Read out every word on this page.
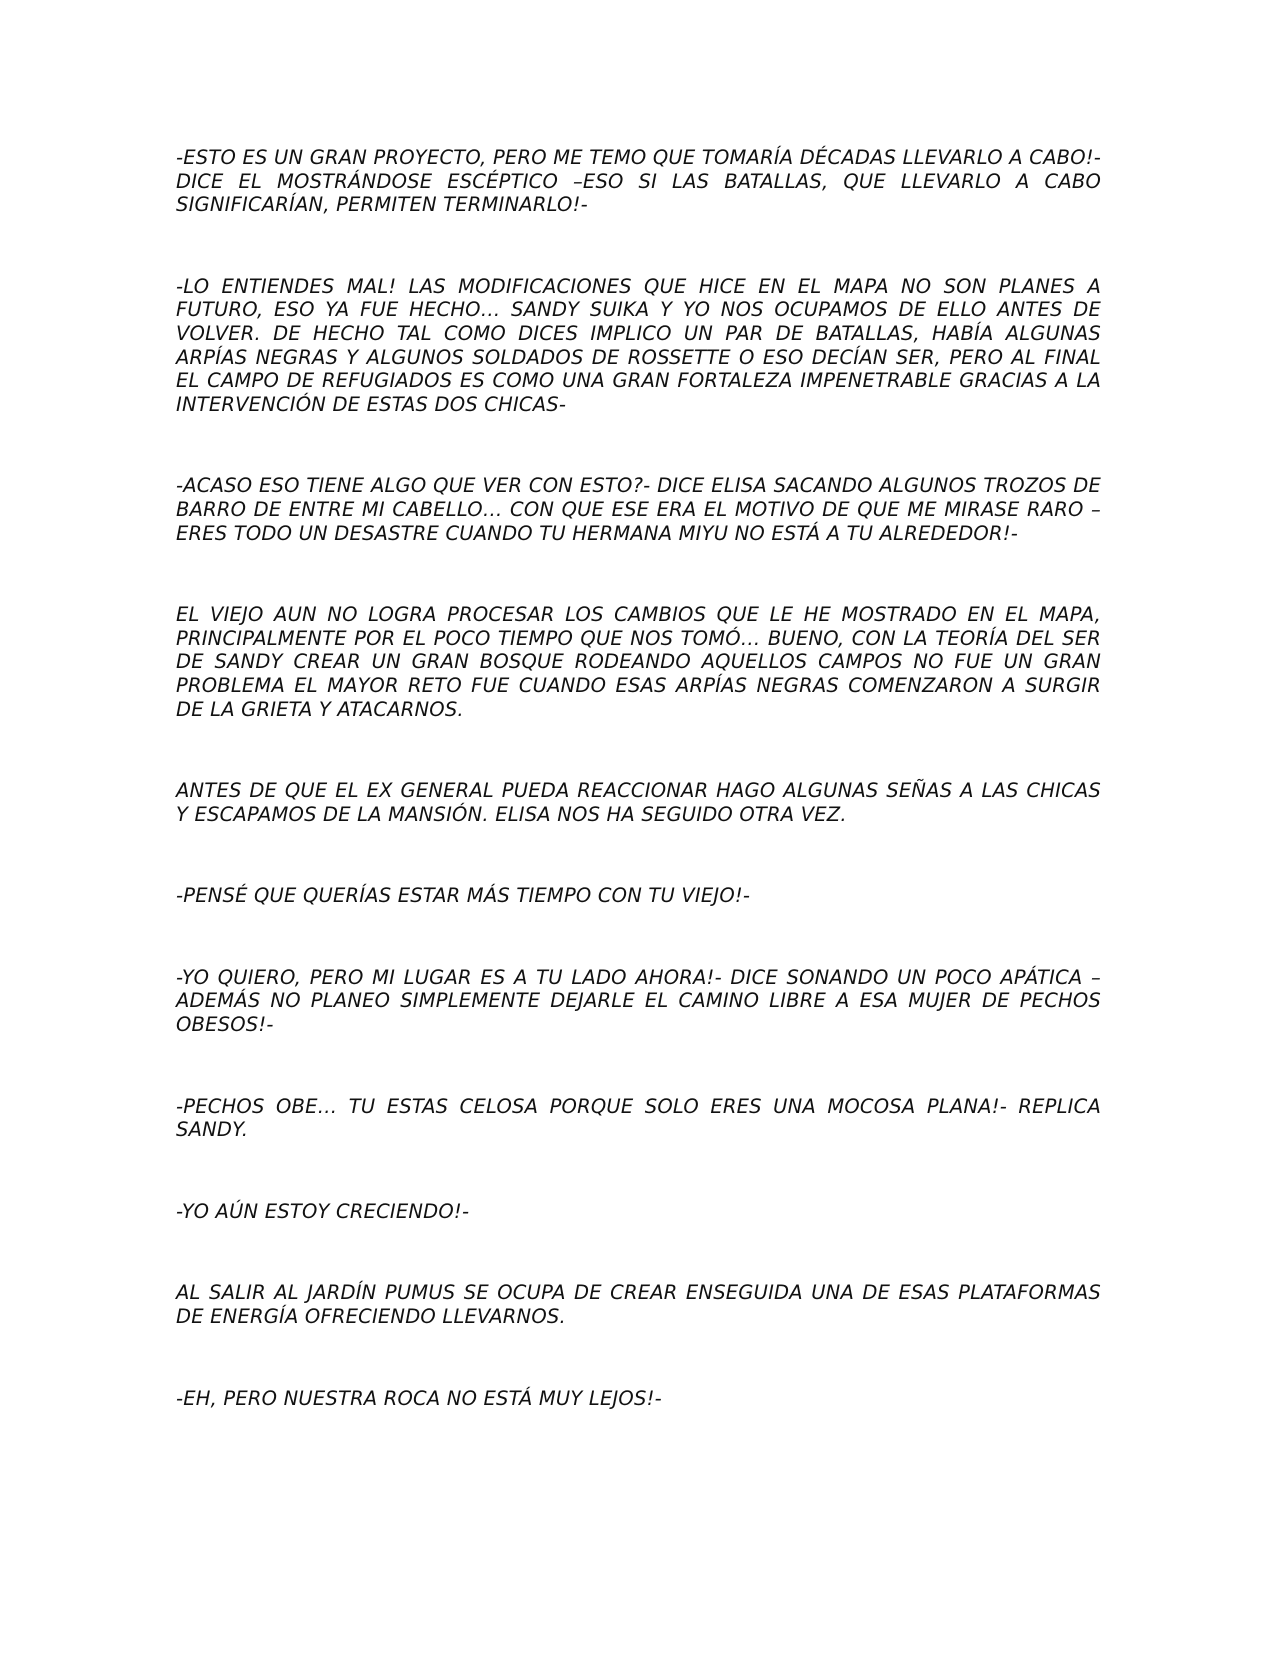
-ESTO ES UN GRAN PROYECTO, PERO ME TEMO QUE TOMARÍA DÉCADAS LLEVARLO A CABO!- DICE EL MOSTRÁNDOSE ESCÉPTICO –ESO SI LAS BATALLAS, QUE LLEVARLO A CABO SIGNIFICARÍAN, PERMITEN TERMINARLO!-

-LO ENTIENDES MAL! LAS MODIFICACIONES QUE HICE EN EL MAPA NO SON PLANES A FUTURO, ESO YA FUE HECHO… SANDY SUIKA Y YO NOS OCUPAMOS DE ELLO ANTES DE VOLVER. DE HECHO TAL COMO DICES IMPLICO UN PAR DE BATALLAS, HABÍA ALGUNAS ARPÍAS NEGRAS Y ALGUNOS SOLDADOS DE ROSSETTE O ESO DECÍAN SER, PERO AL FINAL EL CAMPO DE REFUGIADOS ES COMO UNA GRAN FORTALEZA IMPENETRABLE GRACIAS A LA INTERVENCIÓN DE ESTAS DOS CHICAS-

-ACASO ESO TIENE ALGO QUE VER CON ESTO?- DICE ELISA SACANDO ALGUNOS TROZOS DE BARRO DE ENTRE MI CABELLO… CON QUE ESE ERA EL MOTIVO DE QUE ME MIRASE RARO –ERES TODO UN DESASTRE CUANDO TU HERMANA MIYU NO ESTÁ A TU ALREDEDOR!-

EL VIEJO AUN NO LOGRA PROCESAR LOS CAMBIOS QUE LE HE MOSTRADO EN EL MAPA, PRINCIPALMENTE POR EL POCO TIEMPO QUE NOS TOMÓ… BUENO, CON LA TEORÍA DEL SER DE SANDY CREAR UN GRAN BOSQUE RODEANDO AQUELLOS CAMPOS NO FUE UN GRAN PROBLEMA EL MAYOR RETO FUE CUANDO ESAS ARPÍAS NEGRAS COMENZARON A SURGIR DE LA GRIETA Y ATACARNOS.

ANTES DE QUE EL EX GENERAL PUEDA REACCIONAR HAGO ALGUNAS SEÑAS A LAS CHICAS Y ESCAPAMOS DE LA MANSIÓN. ELISA NOS HA SEGUIDO OTRA VEZ.

-PENSÉ QUE QUERÍAS ESTAR MÁS TIEMPO CON TU VIEJO!-

-YO QUIERO, PERO MI LUGAR ES A TU LADO AHORA!- DICE SONANDO UN POCO APÁTICA – ADEMÁS NO PLANEO SIMPLEMENTE DEJARLE EL CAMINO LIBRE A ESA MUJER DE PECHOS OBESOS!-

-PECHOS OBE… TU ESTAS CELOSA PORQUE SOLO ERES UNA MOCOSA PLANA!- REPLICA SANDY.

-YO AÚN ESTOY CRECIENDO!-

AL SALIR AL JARDÍN PUMUS SE OCUPA DE CREAR ENSEGUIDA UNA DE ESAS PLATAFORMAS DE ENERGÍA OFRECIENDO LLEVARNOS.

-EH, PERO NUESTRA ROCA NO ESTÁ MUY LEJOS!-
